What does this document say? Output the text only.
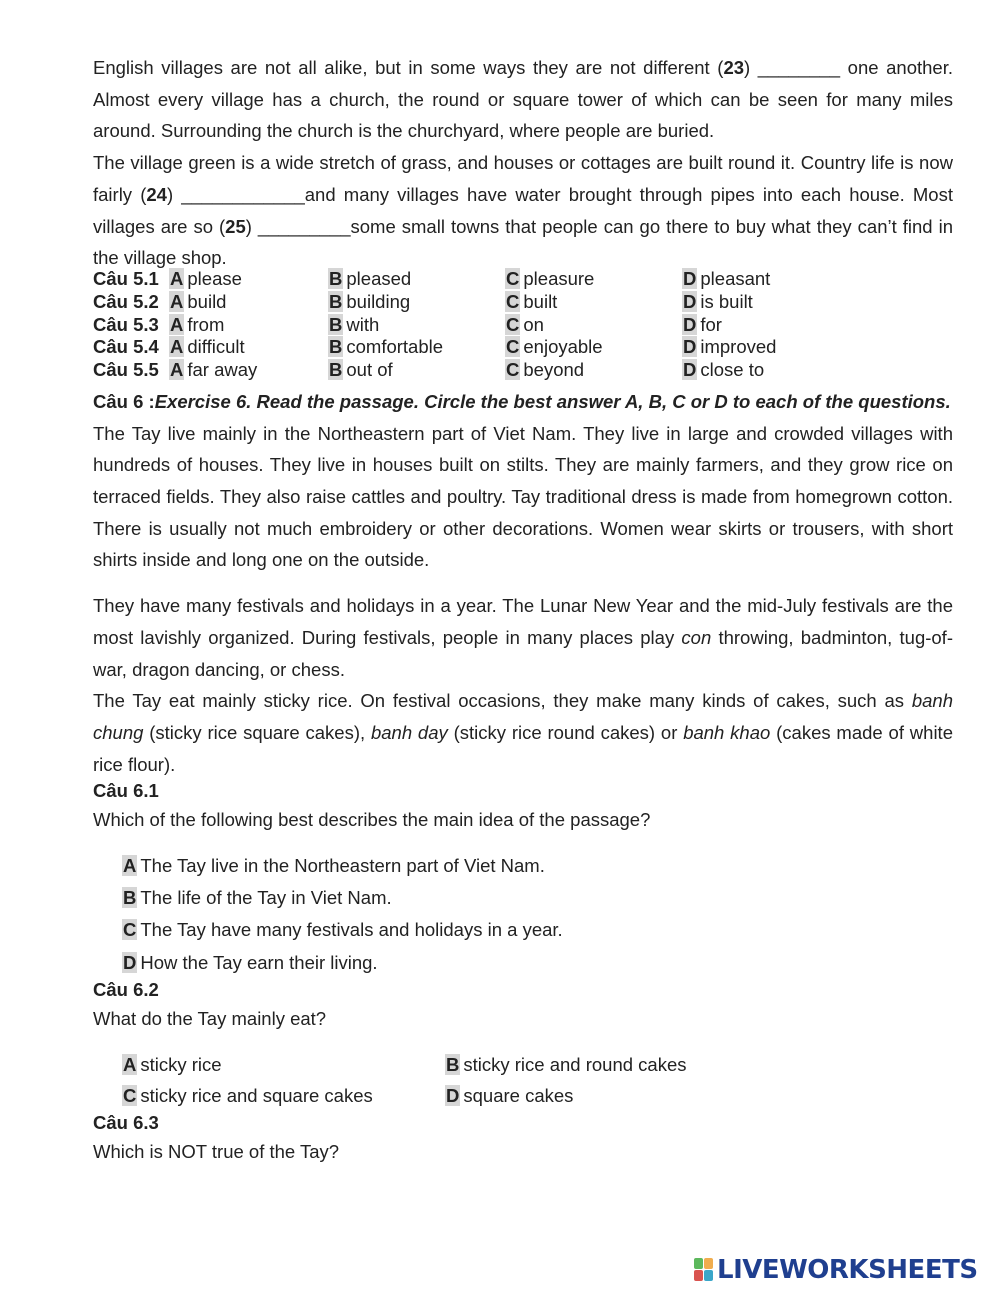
English villages are not all alike, but in some ways they are not different (23) ________ one another. Almost every village has a church, the round or square tower of which can be seen for many miles around. Surrounding the church is the churchyard, where people are buried.

The village green is a wide stretch of grass, and houses or cottages are built round it. Country life is now fairly (24) ____________and many villages have water brought through pipes into each house. Most villages are so (25) _________some small towns that people can go there to buy what they can’t find in the village shop.

Câu 5.1	A please	B pleased	C pleasure	D pleasant
Câu 5.2	A build	B building	C built	D is built
Câu 5.3	A from	B with	C on	D for
Câu 5.4	A difficult	B comfortable	C enjoyable	D improved
Câu 5.5	A far away	B out of	C beyond	D close to

Câu 6 :Exercise 6. Read the passage. Circle the best answer A, B, C or D to each of the questions.

The Tay live mainly in the Northeastern part of Viet Nam. They live in large and crowded villages with hundreds of houses. They live in houses built on stilts. They are mainly farmers, and they grow rice on terraced fields. They also raise cattles and poultry. Tay traditional dress is made from homegrown cotton. There is usually not much embroidery or other decorations. Women wear skirts or trousers, with short shirts inside and long one on the outside.

They have many festivals and holidays in a year. The Lunar New Year and the mid-July festivals are the most lavishly organized. During festivals, people in many places play con throwing, badminton, tug-of-war, dragon dancing, or chess.

The Tay eat mainly sticky rice. On festival occasions, they make many kinds of cakes, such as banh chung (sticky rice square cakes), banh day (sticky rice round cakes) or banh khao (cakes made of white rice flour).

Câu 6.1

Which of the following best describes the main idea of the passage?

A The Tay live in the Northeastern part of Viet Nam.
B The life of the Tay in Viet Nam.
C The Tay have many festivals and holidays in a year.
D How the Tay earn their living.

Câu 6.2

What do the Tay mainly eat?

A sticky rice	B sticky rice and round cakes
C sticky rice and square cakes	D square cakes

Câu 6.3

Which is NOT true of the Tay?

LIVEWORKSHEETS
